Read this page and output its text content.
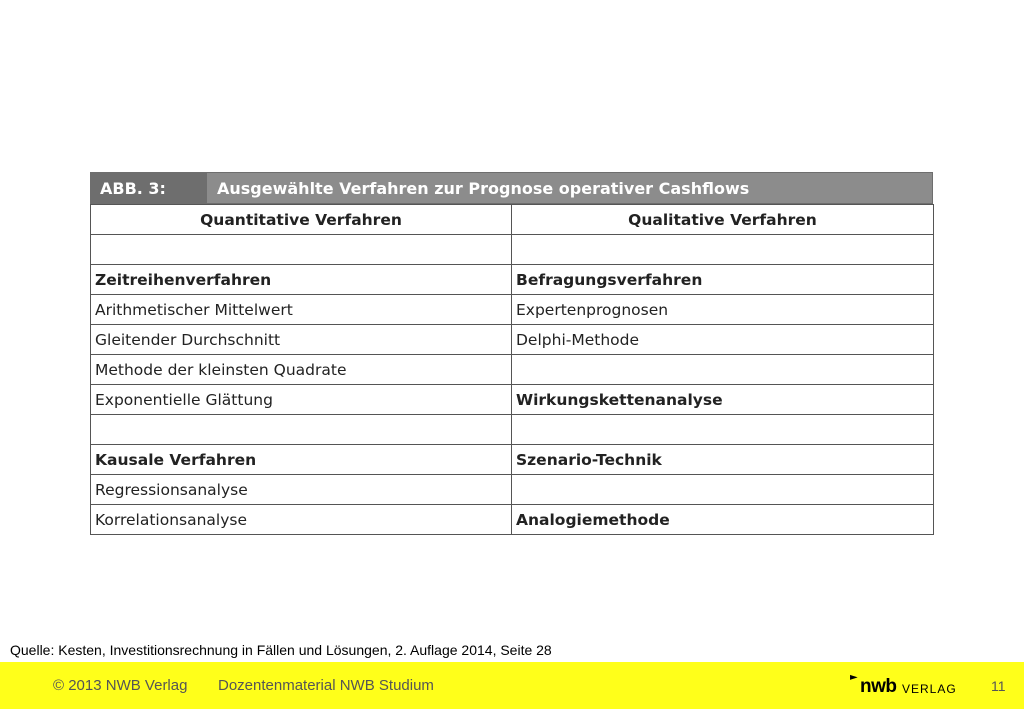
ABB. 3:	Ausgewählte Verfahren zur Prognose operativer Cashflows
Quantitative Verfahren	Qualitative Verfahren

Zeitreihenverfahren	Befragungsverfahren
Arithmetischer Mittelwert	Expertenprognosen
Gleitender Durchschnitt	Delphi-Methode
Methode der kleinsten Quadrate	
Exponentielle Glättung	Wirkungskettenanalyse

Kausale Verfahren	Szenario-Technik
Regressionsanalyse	
Korrelationsanalyse	Analogiemethode
Quelle: Kesten, Investitionsrechnung in Fällen und Lösungen, 2. Auflage 2014, Seite 28
© 2013 NWB Verlag Dozentenmaterial NWB Studium	► nwb VERLAG 11
